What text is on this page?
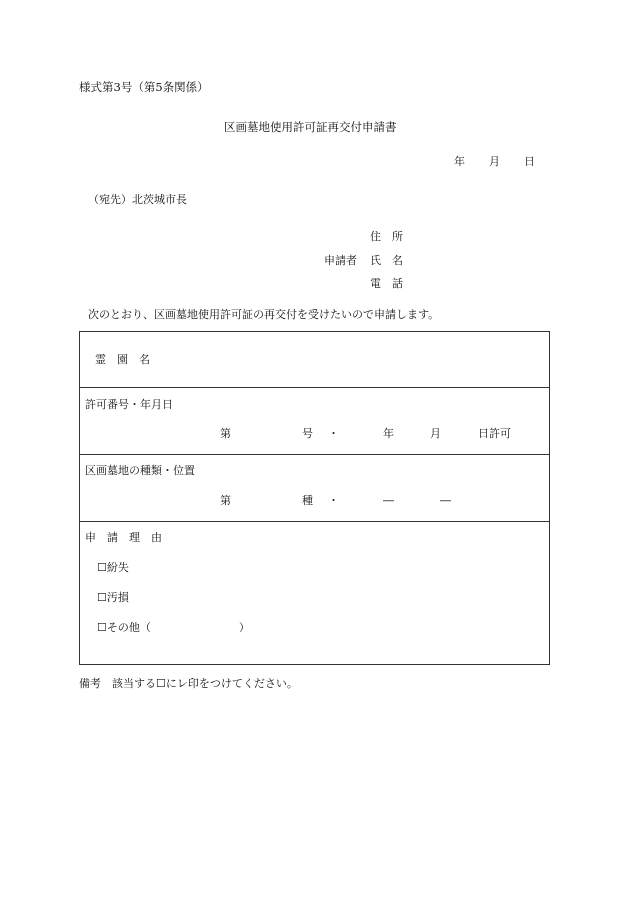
様式第3号（第5条関係）
区画墓地使用許可証再交付申請書
年 月 日
（宛先）北茨城市長
住　所
申請者 氏　名
電　話
次のとおり、区画墓地使用許可証の再交付を受けたいので申請します。
霊　園　名
許可番号・年月日
第	号 ・	年	月	日許可
区画墓地の種類・位置
第	種 ・	―	―
申　請　理　由
☐紛失
☐汚損
☐その他（　　　　　　　　）
備考　該当する☐にレ印をつけてください。
